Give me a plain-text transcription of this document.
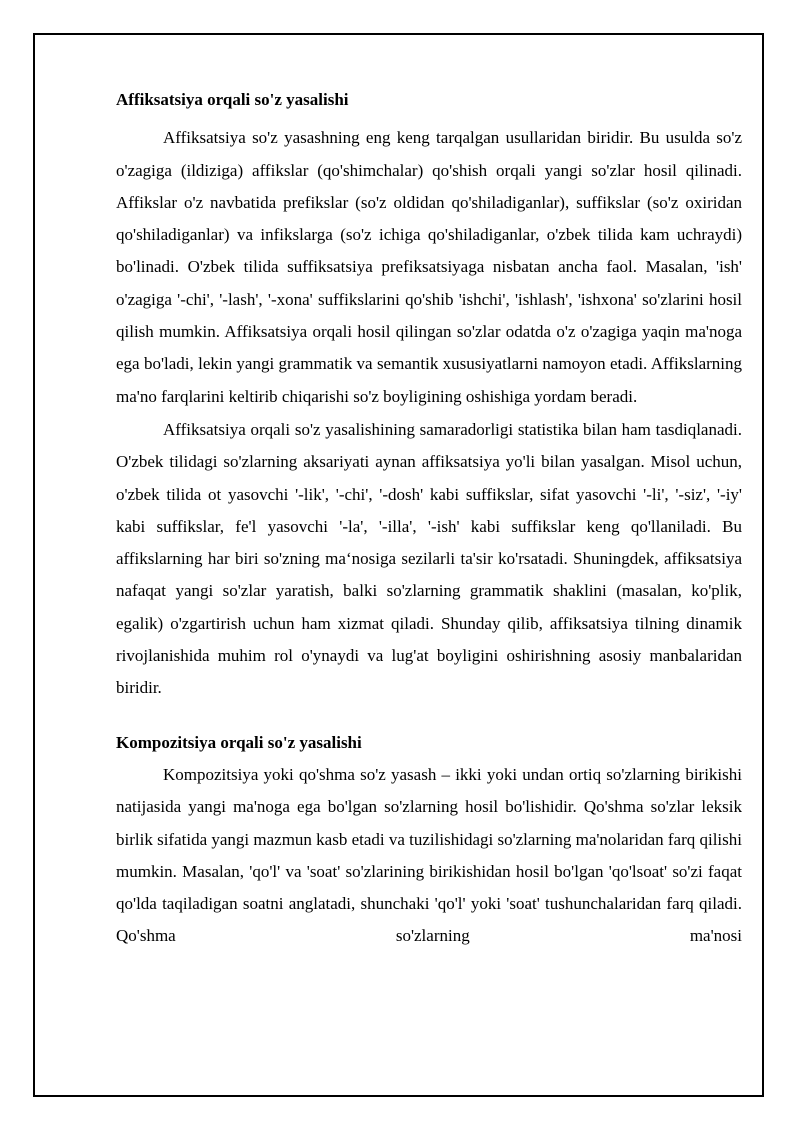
Affiksatsiya orqali so'z yasalishi

Affiksatsiya so'z yasashning eng keng tarqalgan usullaridan biridir. Bu usulda so'z o'zagiga (ildiziga) affikslar (qo'shimchalar) qo'shish orqali yangi so'zlar hosil qilinadi. Affikslar o'z navbatida prefikslar (so'z oldidan qo'shiladiganlar), suffikslar (so'z oxiridan qo'shiladiganlar) va infikslarga (so'z ichiga qo'shiladiganlar, o'zbek tilida kam uchraydi) bo'linadi. O'zbek tilida suffiksatsiya prefiksatsiyaga nisbatan ancha faol. Masalan, 'ish' o'zagiga '-chi', '-lash', '-xona' suffikslarini qo'shib 'ishchi', 'ishlash', 'ishxona' so'zlarini hosil qilish mumkin. Affiksatsiya orqali hosil qilingan so'zlar odatda o'z o'zagiga yaqin ma'noga ega bo'ladi, lekin yangi grammatik va semantik xususiyatlarni namoyon etadi. Affikslarning ma'no farqlarini keltirib chiqarishi so'z boyligining oshishiga yordam beradi.

Affiksatsiya orqali so'z yasalishining samaradorligi statistika bilan ham tasdiqlanadi. O'zbek tilidagi so'zlarning aksariyati aynan affiksatsiya yo'li bilan yasalgan. Misol uchun, o'zbek tilida ot yasovchi '-lik', '-chi', '-dosh' kabi suffikslar, sifat yasovchi '-li', '-siz', '-iy' kabi suffikslar, fe'l yasovchi '-la', '-illa', '-ish' kabi suffikslar keng qo'llaniladi. Bu affikslarning har biri so'zning maʻnosiga sezilarli ta'sir ko'rsatadi. Shuningdek, affiksatsiya nafaqat yangi so'zlar yaratish, balki so'zlarning grammatik shaklini (masalan, ko'plik, egalik) o'zgartirish uchun ham xizmat qiladi. Shunday qilib, affiksatsiya tilning dinamik rivojlanishida muhim rol o'ynaydi va lug'at boyligini oshirishning asosiy manbalaridan biridir.

Kompozitsiya orqali so'z yasalishi

Kompozitsiya yoki qo'shma so'z yasash – ikki yoki undan ortiq so'zlarning birikishi natijasida yangi ma'noga ega bo'lgan so'zlarning hosil bo'lishidir. Qo'shma so'zlar leksik birlik sifatida yangi mazmun kasb etadi va tuzilishidagi so'zlarning ma'nolaridan farq qilishi mumkin. Masalan, 'qo'l' va 'soat' so'zlarining birikishidan hosil bo'lgan 'qo'lsoat' so'zi faqat qo'lda taqiladigan soatni anglatadi, shunchaki 'qo'l' yoki 'soat' tushunchalaridan farq qiladi. Qo'shma so'zlarning ma'nosi
